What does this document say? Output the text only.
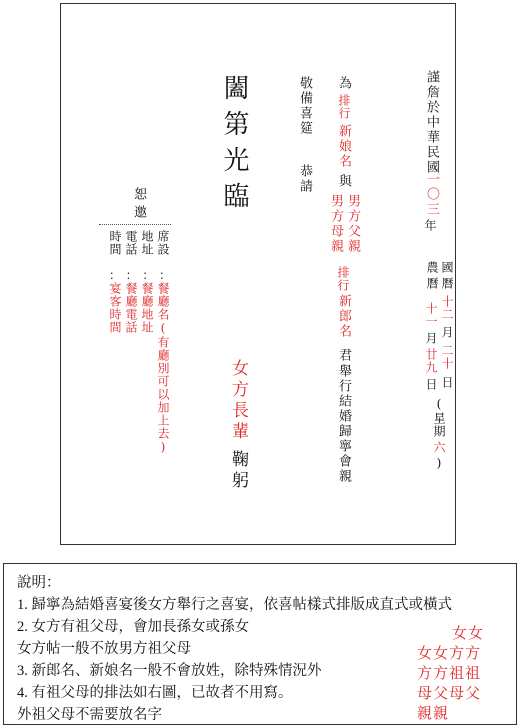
謹詹於中華民國
一〇三
年
國
農
曆
曆
十二
十一
月
月
二十
廿九
日
日
(星期
六
)
為
排行
新娘名
與
男方父親
男方母親
排行
新郎名
君
舉行結婚歸寧會親
敬備喜筵
恭請
闔第光臨
女方長輩
鞠躬
恕
邀
席設
地址
電話
時間
：
：
：
：
餐廳名(有廳別可以加上去)
餐廳地址
餐廳電話
宴客時間
說明：
1. 歸寧為結婚喜宴後女方舉行之喜宴，依喜帖樣式排版成直式或橫式
2. 女方有祖父母，會加長孫女或孫女
女方帖一般不放男方祖父母
3. 新郎名、新娘名一般不會放姓，除特殊情況外
4. 有祖父母的排法如右圖，已故者不用寫。
外祖父母不需要放名字
女女
女女方方
方方祖祖
母父母父
親親
